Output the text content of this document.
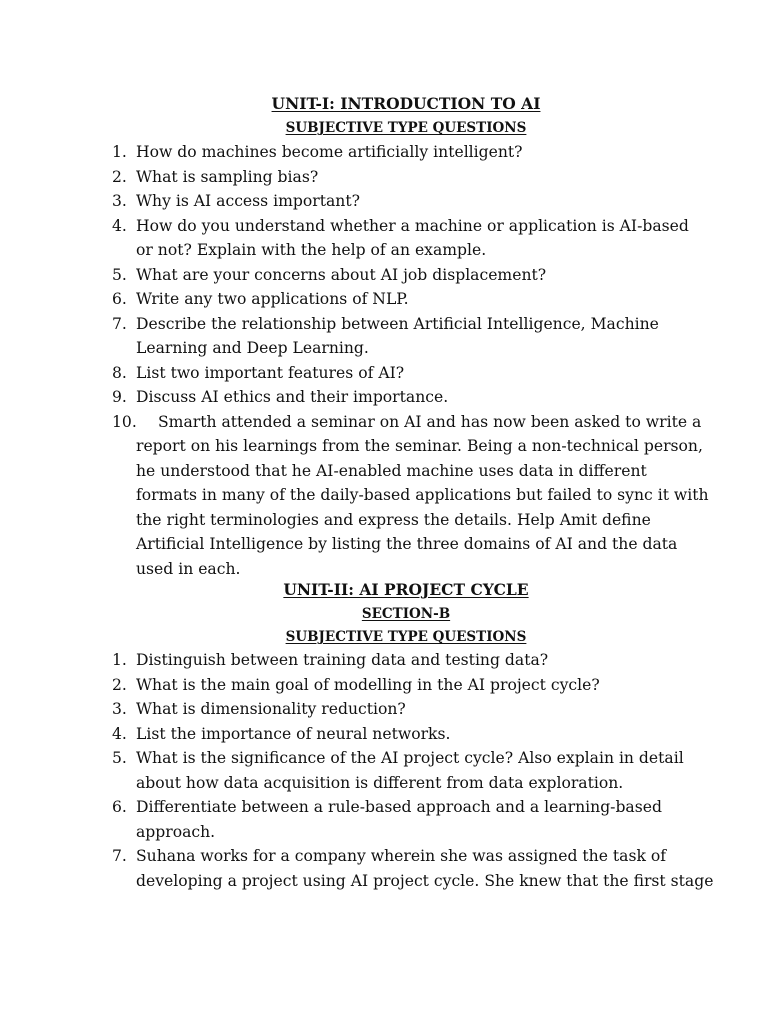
UNIT-I: INTRODUCTION TO AI
SUBJECTIVE TYPE QUESTIONS
1. How do machines become artificially intelligent?
2. What is sampling bias?
3. Why is AI access important?
4. How do you understand whether a machine or application is AI-based
or not? Explain with the help of an example.
5. What are your concerns about AI job displacement?
6. Write any two applications of NLP.
7. Describe the relationship between Artificial Intelligence, Machine
Learning and Deep Learning.
8. List two important features of AI?
9. Discuss AI ethics and their importance.
10.	Smarth attended a seminar on AI and has now been asked to write a
report on his learnings from the seminar. Being a non-technical person,
he understood that he AI-enabled machine uses data in different
formats in many of the daily-based applications but failed to sync it with
the right terminologies and express the details. Help Amit define
Artificial Intelligence by listing the three domains of AI and the data
used in each.
UNIT-II: AI PROJECT CYCLE
SECTION-B
SUBJECTIVE TYPE QUESTIONS
1. Distinguish between training data and testing data?
2. What is the main goal of modelling in the AI project cycle?
3. What is dimensionality reduction?
4. List the importance of neural networks.
5. What is the significance of the AI project cycle? Also explain in detail
about how data acquisition is different from data exploration.
6. Differentiate between a rule-based approach and a learning-based
approach.
7. Suhana works for a company wherein she was assigned the task of
developing a project using AI project cycle. She knew that the first stage
